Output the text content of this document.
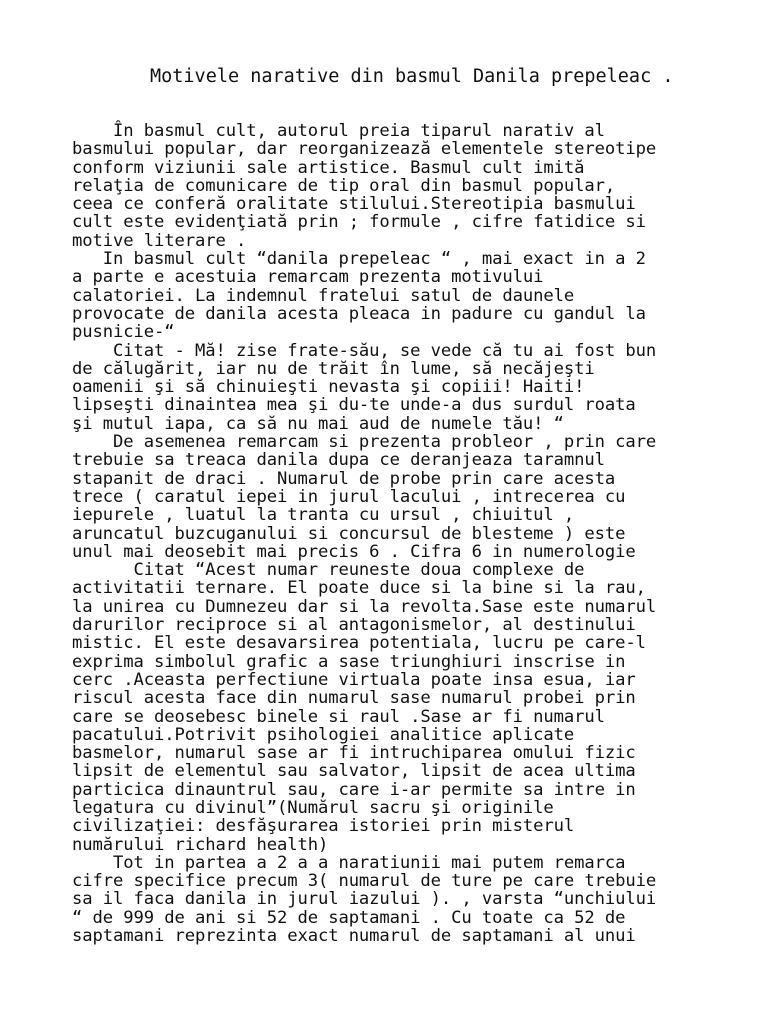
Motivele narative din basmul Danila prepeleac .
În basmul cult, autorul preia tiparul narativ al
basmului popular, dar reorganizează elementele stereotipe
conform viziunii sale artistice. Basmul cult imită
relaţia de comunicare de tip oral din basmul popular,
ceea ce conferă oralitate stilului.Stereotipia basmului
cult este evidenţiată prin ; formule , cifre fatidice si
motive literare .
In basmul cult “danila prepeleac “ , mai exact in a 2
a parte e acestuia remarcam prezenta motivului
calatoriei. La indemnul fratelui satul de daunele
provocate de danila acesta pleaca in padure cu gandul la
pusnicie-“
Citat - Mă! zise frate-său, se vede că tu ai fost bun
de călugărit, iar nu de trăit în lume, să necăjeşti
oamenii şi să chinuieşti nevasta şi copiii! Haiti!
lipseşti dinaintea mea şi du-te unde-a dus surdul roata
şi mutul iapa, ca să nu mai aud de numele tău! “
De asemenea remarcam si prezenta probleor , prin care
trebuie sa treaca danila dupa ce deranjeaza taramnul
stapanit de draci . Numarul de probe prin care acesta
trece ( caratul iepei in jurul lacului , intrecerea cu
iepurele , luatul la tranta cu ursul , chiuitul ,
aruncatul buzcuganului si concursul de blesteme ) este
unul mai deosebit mai precis 6 . Cifra 6 in numerologie
Citat “Acest numar reuneste doua complexe de
activitatii ternare. El poate duce si la bine si la rau,
la unirea cu Dumnezeu dar si la revolta.Sase este numarul
darurilor reciproce si al antagonismelor, al destinului
mistic. El este desavarsirea potentiala, lucru pe care-l
exprima simbolul grafic a sase triunghiuri inscrise in
cerc .Aceasta perfectiune virtuala poate insa esua, iar
riscul acesta face din numarul sase numarul probei prin
care se deosebesc binele si raul .Sase ar fi numarul
pacatului.Potrivit psihologiei analitice aplicate
basmelor, numarul sase ar fi intruchiparea omului fizic
lipsit de elementul sau salvator, lipsit de acea ultima
particica dinauntrul sau, care i-ar permite sa intre in
legatura cu divinul”(Numărul sacru şi originile
civilizaţiei: desfăşurarea istoriei prin misterul
numărului richard health)
Tot in partea a 2 a a naratiunii mai putem remarca
cifre specifice precum 3( numarul de ture pe care trebuie
sa il faca danila in jurul iazului ). , varsta “unchiului
“ de 999 de ani si 52 de saptamani . Cu toate ca 52 de
saptamani reprezinta exact numarul de saptamani al unui
